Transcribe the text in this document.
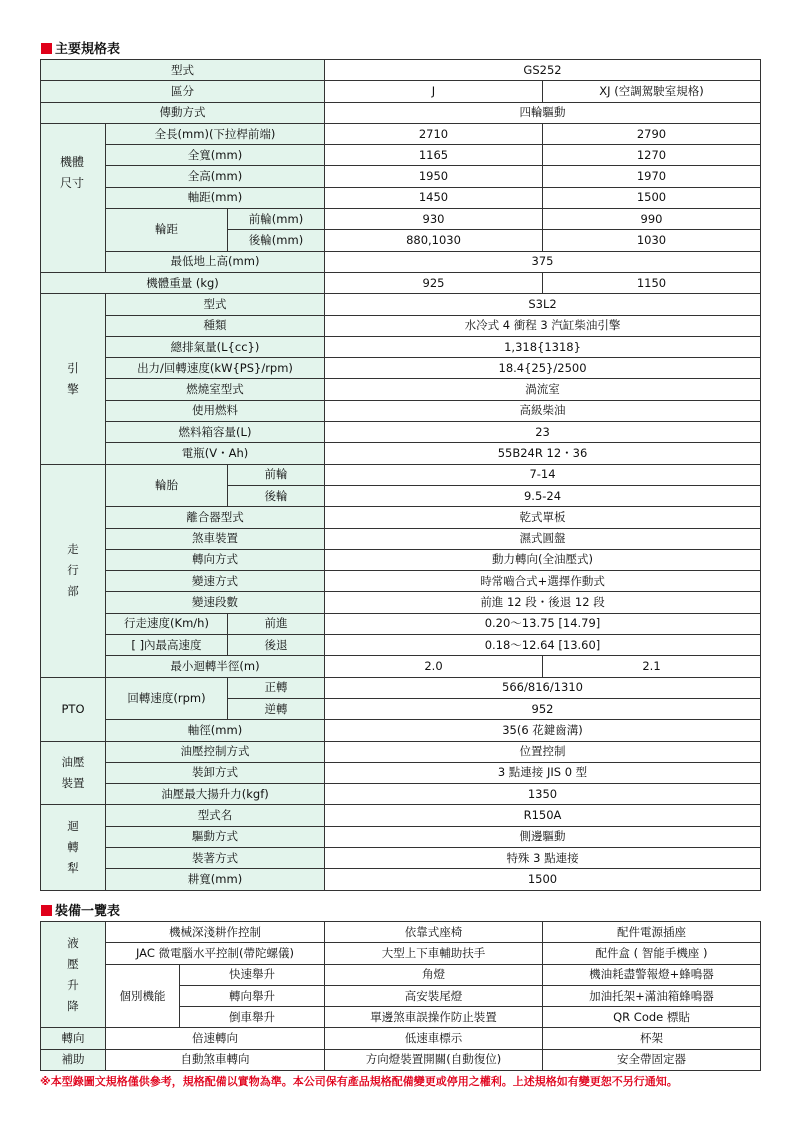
主要規格表
型式			GS252	
區分			J	XJ (空調駕駛室規格)
傳動方式			四輪驅動	
	全長(mm)(下拉桿前端)		2710	2790
	全寬(mm)		1165	1270
	全高(mm)		1950	1970
	軸距(mm)		1450	1500
	輪距	前輪(mm)	930	990
		後輪(mm)	880,1030	1030
	最低地上高(mm)		375	
機體重量 (kg)			925	1150
引擎	型式		S3L2	
	種類		水冷式 4 衝程 3 汽缸柴油引擎	
	總排氣量(L{cc})		1,318{1318}	
	出力/回轉速度(kW{PS}/rpm)		18.4{25}/2500	
	燃燒室型式		渦流室	
	使用燃料		高級柴油	
	燃料箱容量(L)		23	
	電瓶(V・Ah)		55B24R 12・36	
走行部	輪胎	前輪	7-14	
		後輪	9.5-24	
	離合器型式		乾式單板	
	煞車裝置		濕式圓盤	
	轉向方式		動力轉向(全油壓式)	
	變速方式		時常嚙合式+選擇作動式	
	變速段數		前進 12 段・後退 12 段	
	行走速度(Km/h)	前進	0.20～13.75 [14.79]	
	[ ]內最高速度	後退	0.18～12.64 [13.60]	
	最小迴轉半徑(m)		2.0	2.1
PTO	回轉速度(rpm)	正轉	566/816/1310	
		逆轉	952	
	軸徑(mm)		35(6 花鍵齒溝)	
油壓裝置	油壓控制方式		位置控制	
	裝卸方式		3 點連接 JIS 0 型	
	油壓最大揚升力(kgf)		1350	
迴轉犁	型式名		R150A	
	驅動方式		側邊驅動	
	裝著方式		特殊 3 點連接	
	耕寬(mm)		1500	
機體尺寸
裝備一覽表
液壓升降	機械深淺耕作控制		依靠式座椅	配件電源插座
	JAC 微電腦水平控制(帶陀螺儀)		大型上下車輔助扶手	配件盒 ( 智能手機座 )
	個別機能	快速舉升	角燈	機油耗盡警報燈+蜂鳴器
		轉向舉升	高安裝尾燈	加油托架+滿油箱蜂鳴器
		倒車舉升	單邊煞車誤操作防止裝置	QR Code 標貼
轉向	倍速轉向		低速車標示	杯架
補助	自動煞車轉向		方向燈裝置開關(自動復位)	安全帶固定器
※本型錄圖文規格僅供參考，規格配備以實物為準。本公司保有產品規格配備變更或停用之權利。上述規格如有變更恕不另行通知。
